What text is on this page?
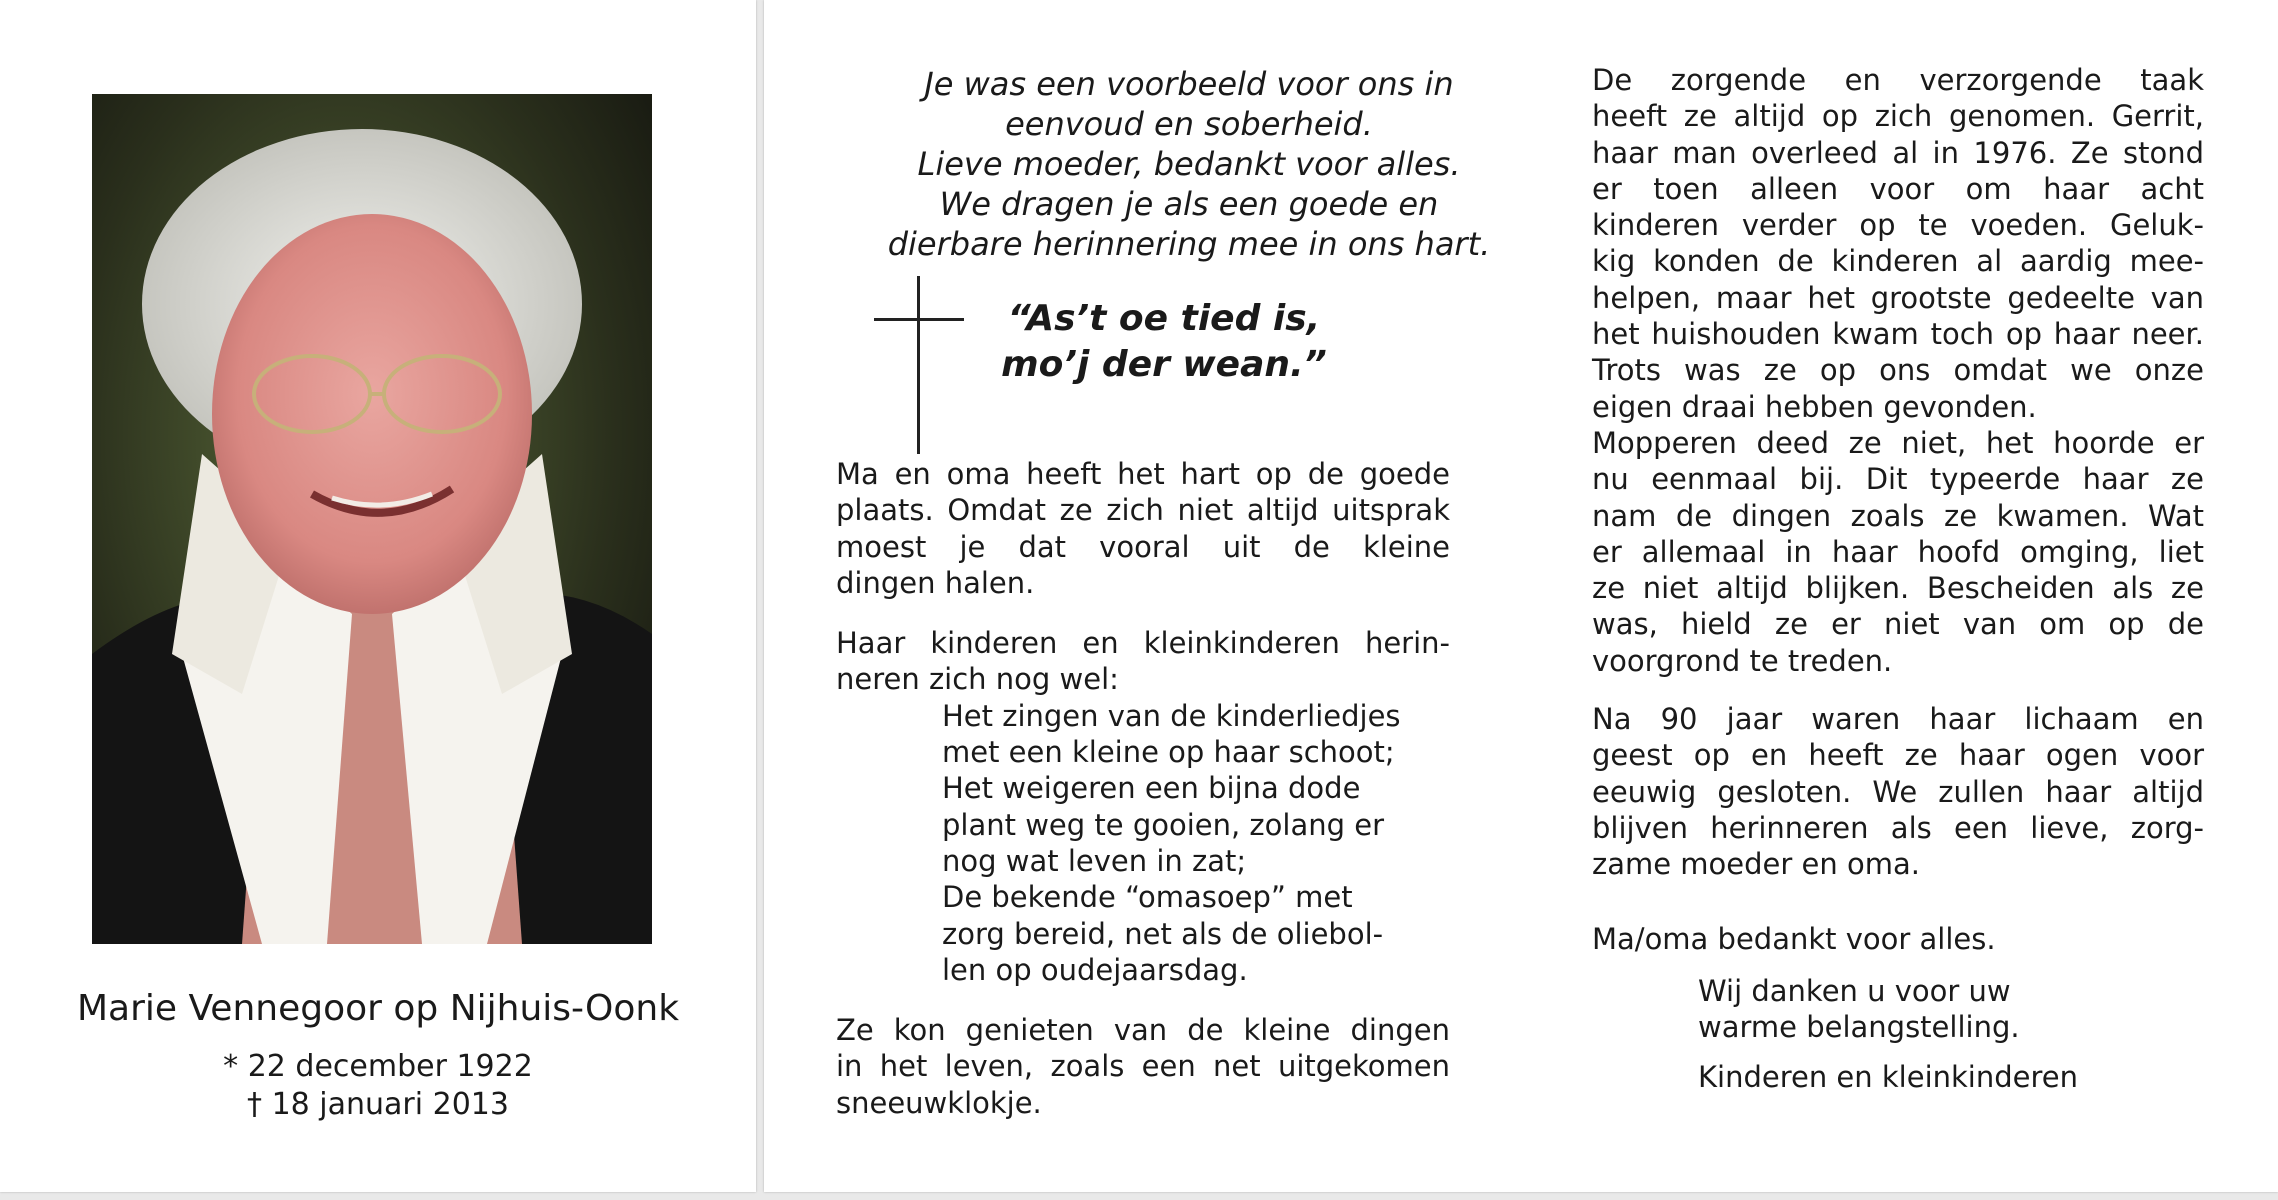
Marie Vennegoor op Nijhuis-Oonk
* 22 december 1922
† 18 januari 2013
Je was een voorbeeld voor ons in
eenvoud en soberheid.
Lieve moeder, bedankt voor alles.
We dragen je als een goede en
dierbare herinnering mee in ons hart.
“As’t oe tied is,
mo’j der wean.”
Ma en oma heeft het hart op de goede
plaats. Omdat ze zich niet altijd uitsprak
moest je dat vooral uit de kleine
dingen halen.
Haar kinderen en kleinkinderen herin-
neren zich nog wel:
Het zingen van de kinderliedjes
met een kleine op haar schoot;
Het weigeren een bijna dode
plant weg te gooien, zolang er
nog wat leven in zat;
De bekende “omasoep” met
zorg bereid, net als de oliebol-
len op oudejaarsdag.
Ze kon genieten van de kleine dingen
in het leven, zoals een net uitgekomen
sneeuwklokje.
De zorgende en verzorgende taak
heeft ze altijd op zich genomen. Gerrit,
haar man overleed al in 1976. Ze stond
er toen alleen voor om haar acht
kinderen verder op te voeden. Geluk-
kig konden de kinderen al aardig mee-
helpen, maar het grootste gedeelte van
het huishouden kwam toch op haar neer.
Trots was ze op ons omdat we onze
eigen draai hebben gevonden.
Mopperen deed ze niet, het hoorde er
nu eenmaal bij. Dit typeerde haar ze
nam de dingen zoals ze kwamen. Wat
er allemaal in haar hoofd omging, liet
ze niet altijd blijken. Bescheiden als ze
was, hield ze er niet van om op de
voorgrond te treden.
Na 90 jaar waren haar lichaam en
geest op en heeft ze haar ogen voor
eeuwig gesloten. We zullen haar altijd
blijven herinneren als een lieve, zorg-
zame moeder en oma.
Ma/oma bedankt voor alles.
Wij danken u voor uw
warme belangstelling.
Kinderen en kleinkinderen
